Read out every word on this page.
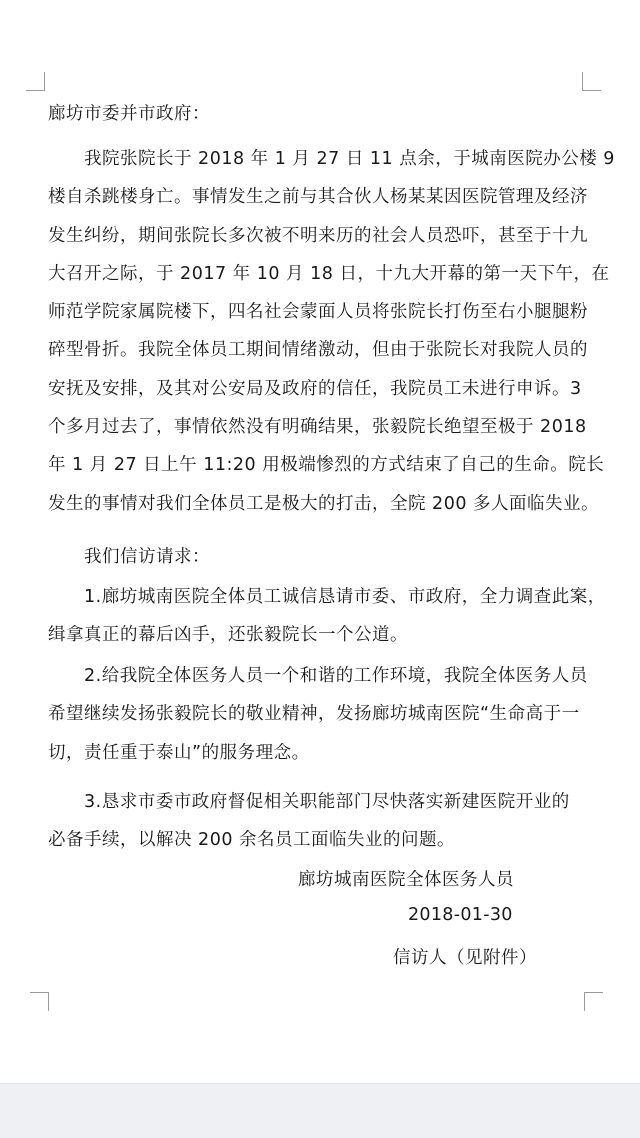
廊坊市委并市政府：
　　我院张院长于 2018 年 1 月 27 日 11 点余，于城南医院办公楼 9
楼自杀跳楼身亡。事情发生之前与其合伙人杨某某因医院管理及经济
发生纠纷，期间张院长多次被不明来历的社会人员恐吓，甚至于十九
大召开之际，于 2017 年 10 月 18 日，十九大开幕的第一天下午，在
师范学院家属院楼下，四名社会蒙面人员将张院长打伤至右小腿腿粉
碎型骨折。我院全体员工期间情绪激动，但由于张院长对我院人员的
安抚及安排，及其对公安局及政府的信任，我院员工未进行申诉。3
个多月过去了，事情依然没有明确结果，张毅院长绝望至极于 2018
年 1 月 27 日上午 11:20 用极端惨烈的方式结束了自己的生命。院长
发生的事情对我们全体员工是极大的打击，全院 200 多人面临失业。
　　我们信访请求：
　　1.廊坊城南医院全体员工诚信恳请市委、市政府，全力调查此案，
缉拿真正的幕后凶手，还张毅院长一个公道。
　　2.给我院全体医务人员一个和谐的工作环境，我院全体医务人员
希望继续发扬张毅院长的敬业精神，发扬廊坊城南医院“生命高于一
切，责任重于泰山”的服务理念。
　　3.恳求市委市政府督促相关职能部门尽快落实新建医院开业的
必备手续，以解决 200 余名员工面临失业的问题。
廊坊城南医院全体医务人员
2018-01-30
信访人（见附件）
